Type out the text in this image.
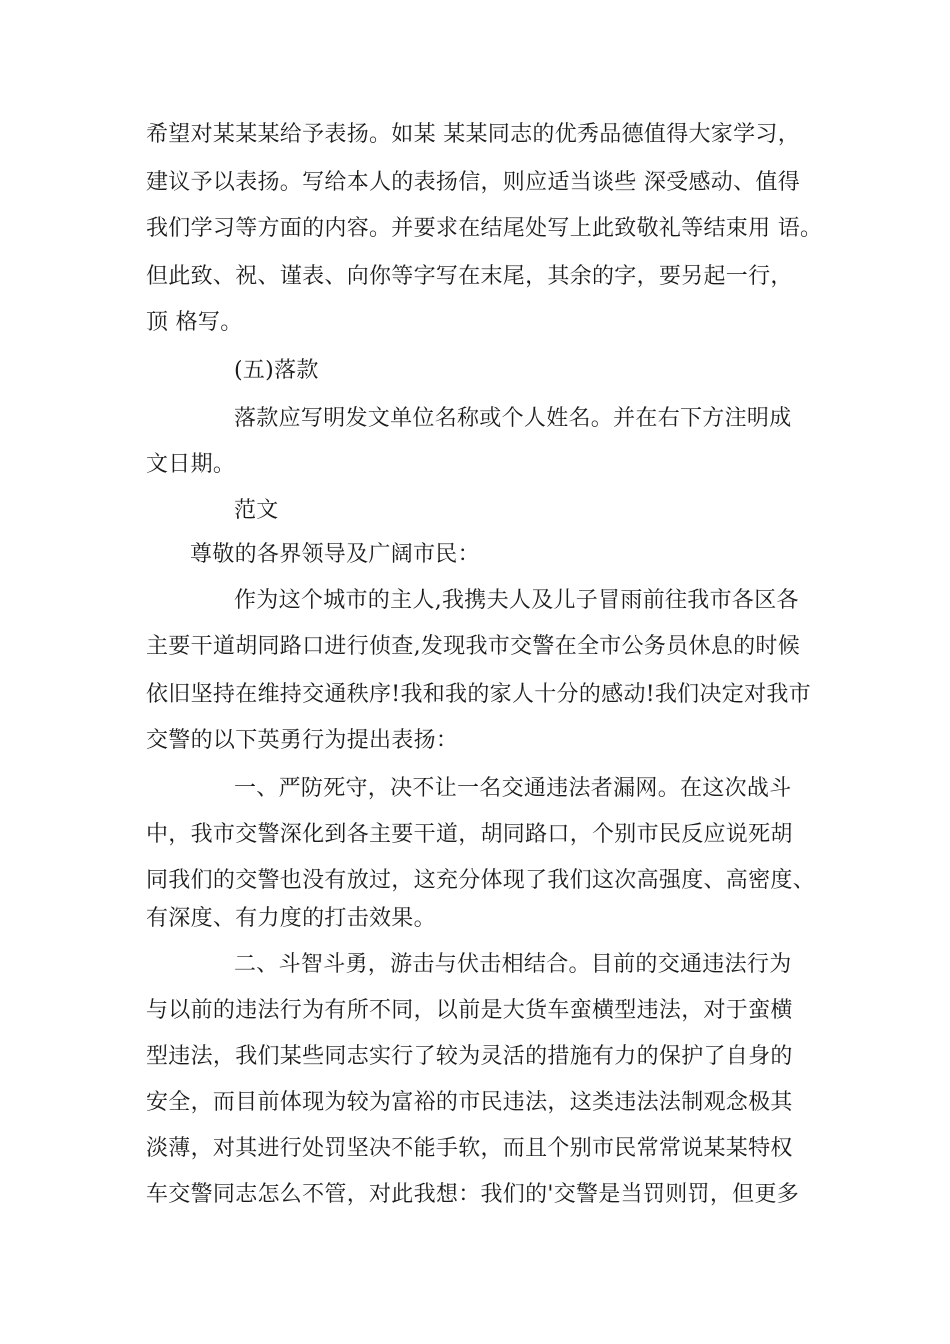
希望对某某某给予表扬。如某 某某同志的优秀品德值得大家学习，
建议予以表扬。写给本人的表扬信，则应适当谈些 深受感动、值得
我们学习等方面的内容。并要求在结尾处写上此致敬礼等结束用 语。
但此致、祝、谨表、向你等字写在末尾，其余的字，要另起一行，
顶 格写。
(五)落款
落款应写明发文单位名称或个人姓名。并在右下方注明成
文日期。
范文
尊敬的各界领导及广阔市民：
作为这个城市的主人,我携夫人及儿子冒雨前往我市各区各
主要干道胡同路口进行侦查,发现我市交警在全市公务员休息的时候
依旧坚持在维持交通秩序!我和我的家人十分的感动!我们决定对我市
交警的以下英勇行为提出表扬：
一、严防死守，决不让一名交通违法者漏网。在这次战斗
中，我市交警深化到各主要干道，胡同路口，个别市民反应说死胡
同我们的交警也没有放过，这充分体现了我们这次高强度、高密度、
有深度、有力度的打击效果。
二、斗智斗勇，游击与伏击相结合。目前的交通违法行为
与以前的违法行为有所不同，以前是大货车蛮横型违法，对于蛮横
型违法，我们某些同志实行了较为灵活的措施有力的保护了自身的
安全，而目前体现为较为富裕的市民违法，这类违法法制观念极其
淡薄，对其进行处罚坚决不能手软，而且个别市民常常说某某特权
车交警同志怎么不管，对此我想：我们的'交警是当罚则罚，但更多
